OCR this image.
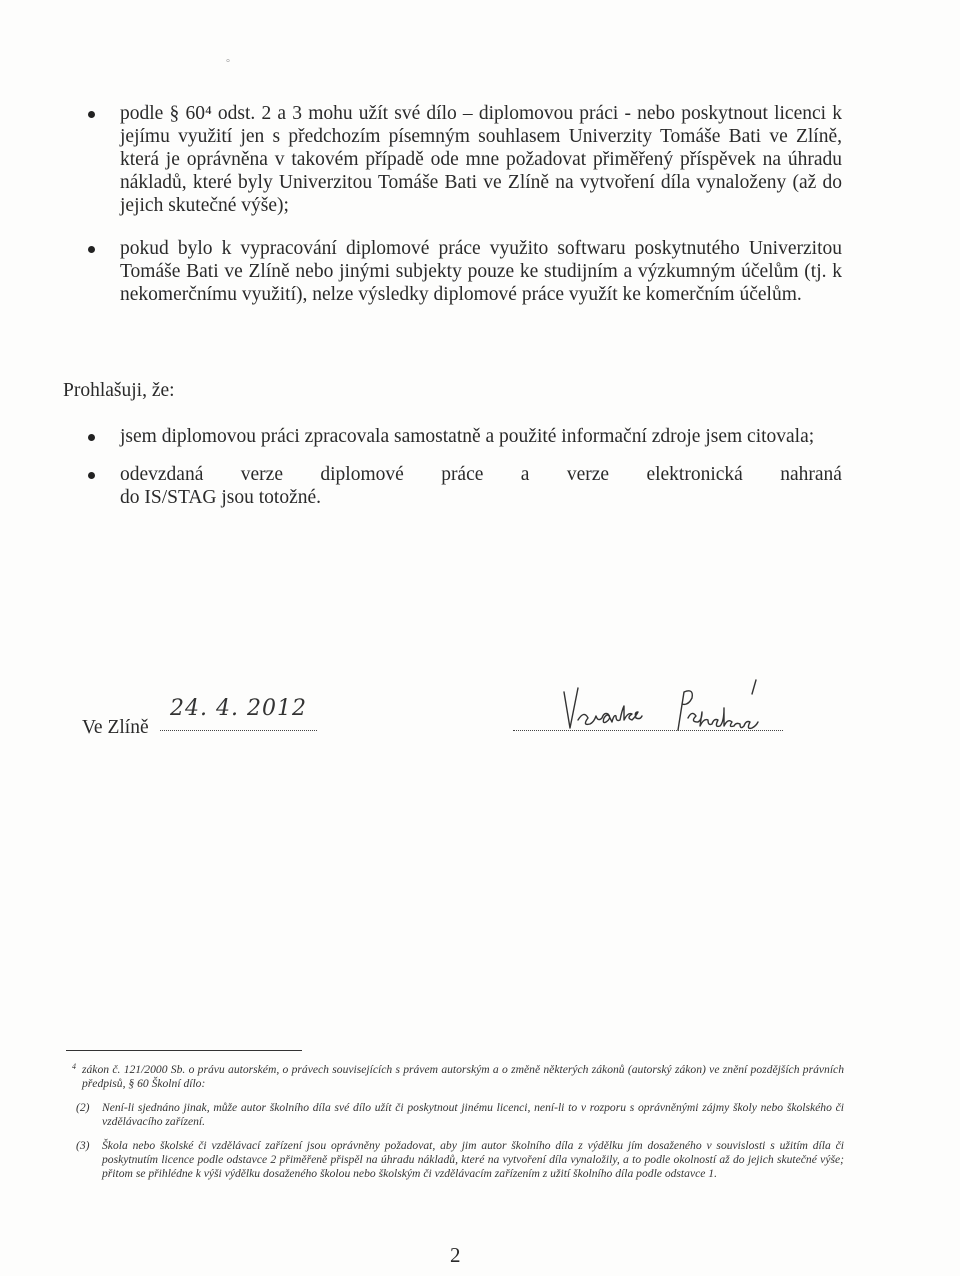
°
podle § 60⁴ odst. 2 a 3 mohu užít své dílo – diplomovou práci - nebo poskytnout licenci k jejímu využití jen s předchozím písemným souhlasem Univerzity Tomáše Bati ve Zlíně, která je oprávněna v takovém případě ode mne požadovat přiměřený příspěvek na úhradu nákladů, které byly Univerzitou Tomáše Bati ve Zlíně na vytvoření díla vynaloženy (až do jejich skutečné výše);
pokud bylo k vypracování diplomové práce využito softwaru poskytnutého Univerzitou Tomáše Bati ve Zlíně nebo jinými subjekty pouze ke studijním a výzkumným účelům (tj. k nekomerčnímu využití), nelze výsledky diplomové práce využít ke komerčním účelům.
Prohlašuji, že:
jsem diplomovou práci zpracovala samostatně a použité informační zdroje jsem citovala;
odevzdaná verze diplomové práce a verze elektronická nahraná
do IS/STAG jsou totožné.
Ve Zlíně
24. 4. 2012
4 zákon č. 121/2000 Sb. o právu autorském, o právech souvisejících s právem autorským a o změně některých zákonů (autorský zákon) ve znění pozdějších právních předpisů, § 60 Školní dílo:
(2) Není-li sjednáno jinak, může autor školního díla své dílo užít či poskytnout jinému licenci, není-li to v rozporu s oprávněnými zájmy školy nebo školského či vzdělávacího zařízení.
(3) Škola nebo školské či vzdělávací zařízení jsou oprávněny požadovat, aby jim autor školního díla z výdělku jím dosaženého v souvislosti s užitím díla či poskytnutím licence podle odstavce 2 přiměřeně přispěl na úhradu nákladů, které na vytvoření díla vynaložily, a to podle okolností až do jejich skutečné výše; přitom se přihlédne k výši výdělku dosaženého školou nebo školským či vzdělávacím zařízením z užití školního díla podle odstavce 1.
2
